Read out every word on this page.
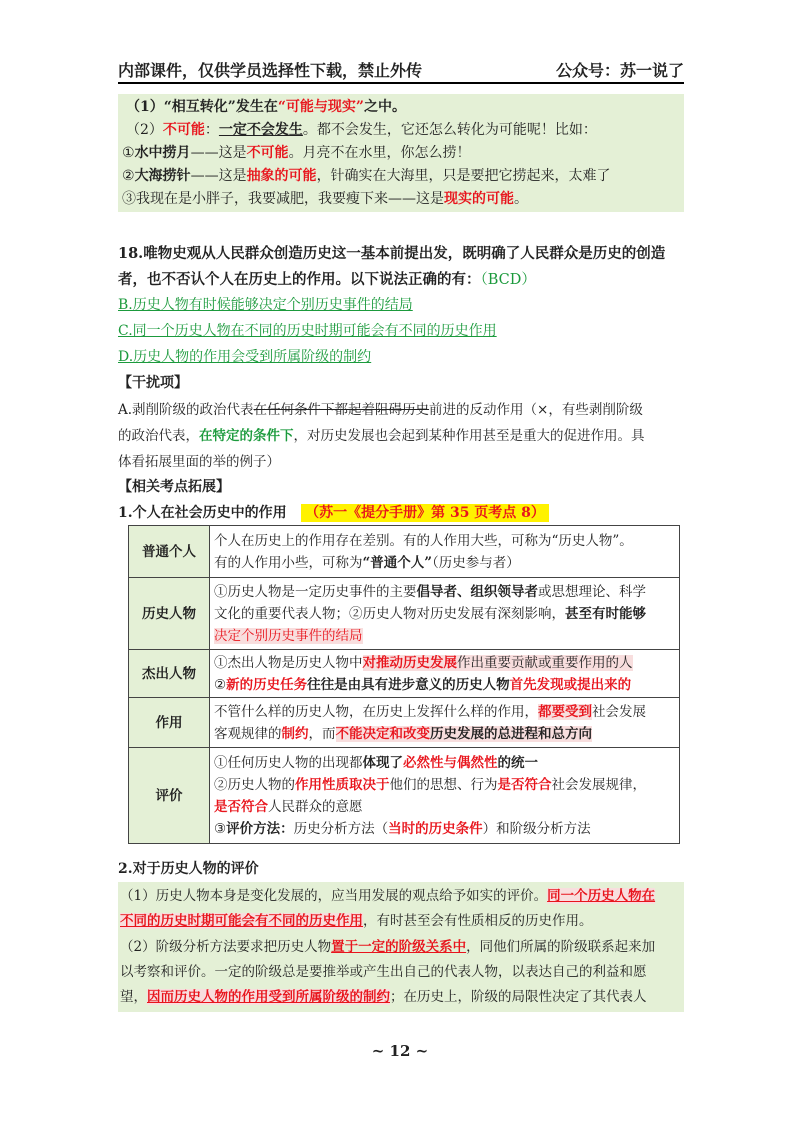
内部课件，仅供学员选择性下载，禁止外传	公众号：苏一说了
（1）“相互转化”发生在“可能与现实”之中。
（2）不可能：一定不会发生。都不会发生，它还怎么转化为可能呢！比如：
①水中捞月——这是不可能。月亮不在水里，你怎么捞！
②大海捞针——这是抽象的可能，针确实在大海里，只是要把它捞起来，太难了
③我现在是小胖子，我要减肥，我要瘦下来——这是现实的可能。
18.唯物史观从人民群众创造历史这一基本前提出发，既明确了人民群众是历史的创造
者，也不否认个人在历史上的作用。以下说法正确的有：（BCD）
B.历史人物有时候能够决定个别历史事件的结局
C.同一个历史人物在不同的历史时期可能会有不同的历史作用
D.历史人物的作用会受到所属阶级的制约
【干扰项】
A.剥削阶级的政治代表在任何条件下都起着阻碍历史前进的反动作用（×，有些剥削阶级
的政治代表，在特定的条件下，对历史发展也会起到某种作用甚至是重大的促进作用。具
体看拓展里面的举的例子）
【相关考点拓展】
1.个人在社会历史中的作用 （苏一《提分手册》第 35 页考点 8）
普通个人	个人在历史上的作用存在差别。有的人作用大些，可称为“历史人物”。
有的人作用小些，可称为“普通个人”（历史参与者）

历史人物	①历史人物是一定历史事件的主要倡导者、组织领导者或思想理论、科学
文化的重要代表人物；②历史人物对历史发展有深刻影响，甚至有时能够
决定个别历史事件的结局

杰出人物	①杰出人物是历史人物中对推动历史发展作出重要贡献或重要作用的人
②新的历史任务往往是由具有进步意义的历史人物首先发现或提出来的

作用	不管什么样的历史人物，在历史上发挥什么样的作用，都要受到社会发展
客观规律的制约，而不能决定和改变历史发展的总进程和总方向

评价	①任何历史人物的出现都体现了必然性与偶然性的统一
②历史人物的作用性质取决于他们的思想、行为是否符合社会发展规律，
是否符合人民群众的意愿
③评价方法：历史分析方法（当时的历史条件）和阶级分析方法
2.对于历史人物的评价
（1）历史人物本身是变化发展的，应当用发展的观点给予如实的评价。同一个历史人物在
不同的历史时期可能会有不同的历史作用，有时甚至会有性质相反的历史作用。
（2）阶级分析方法要求把历史人物置于一定的阶级关系中，同他们所属的阶级联系起来加
以考察和评价。一定的阶级总是要推举或产生出自己的代表人物，以表达自己的利益和愿
望，因而历史人物的作用受到所属阶级的制约；在历史上，阶级的局限性决定了其代表人
~ 12 ~
